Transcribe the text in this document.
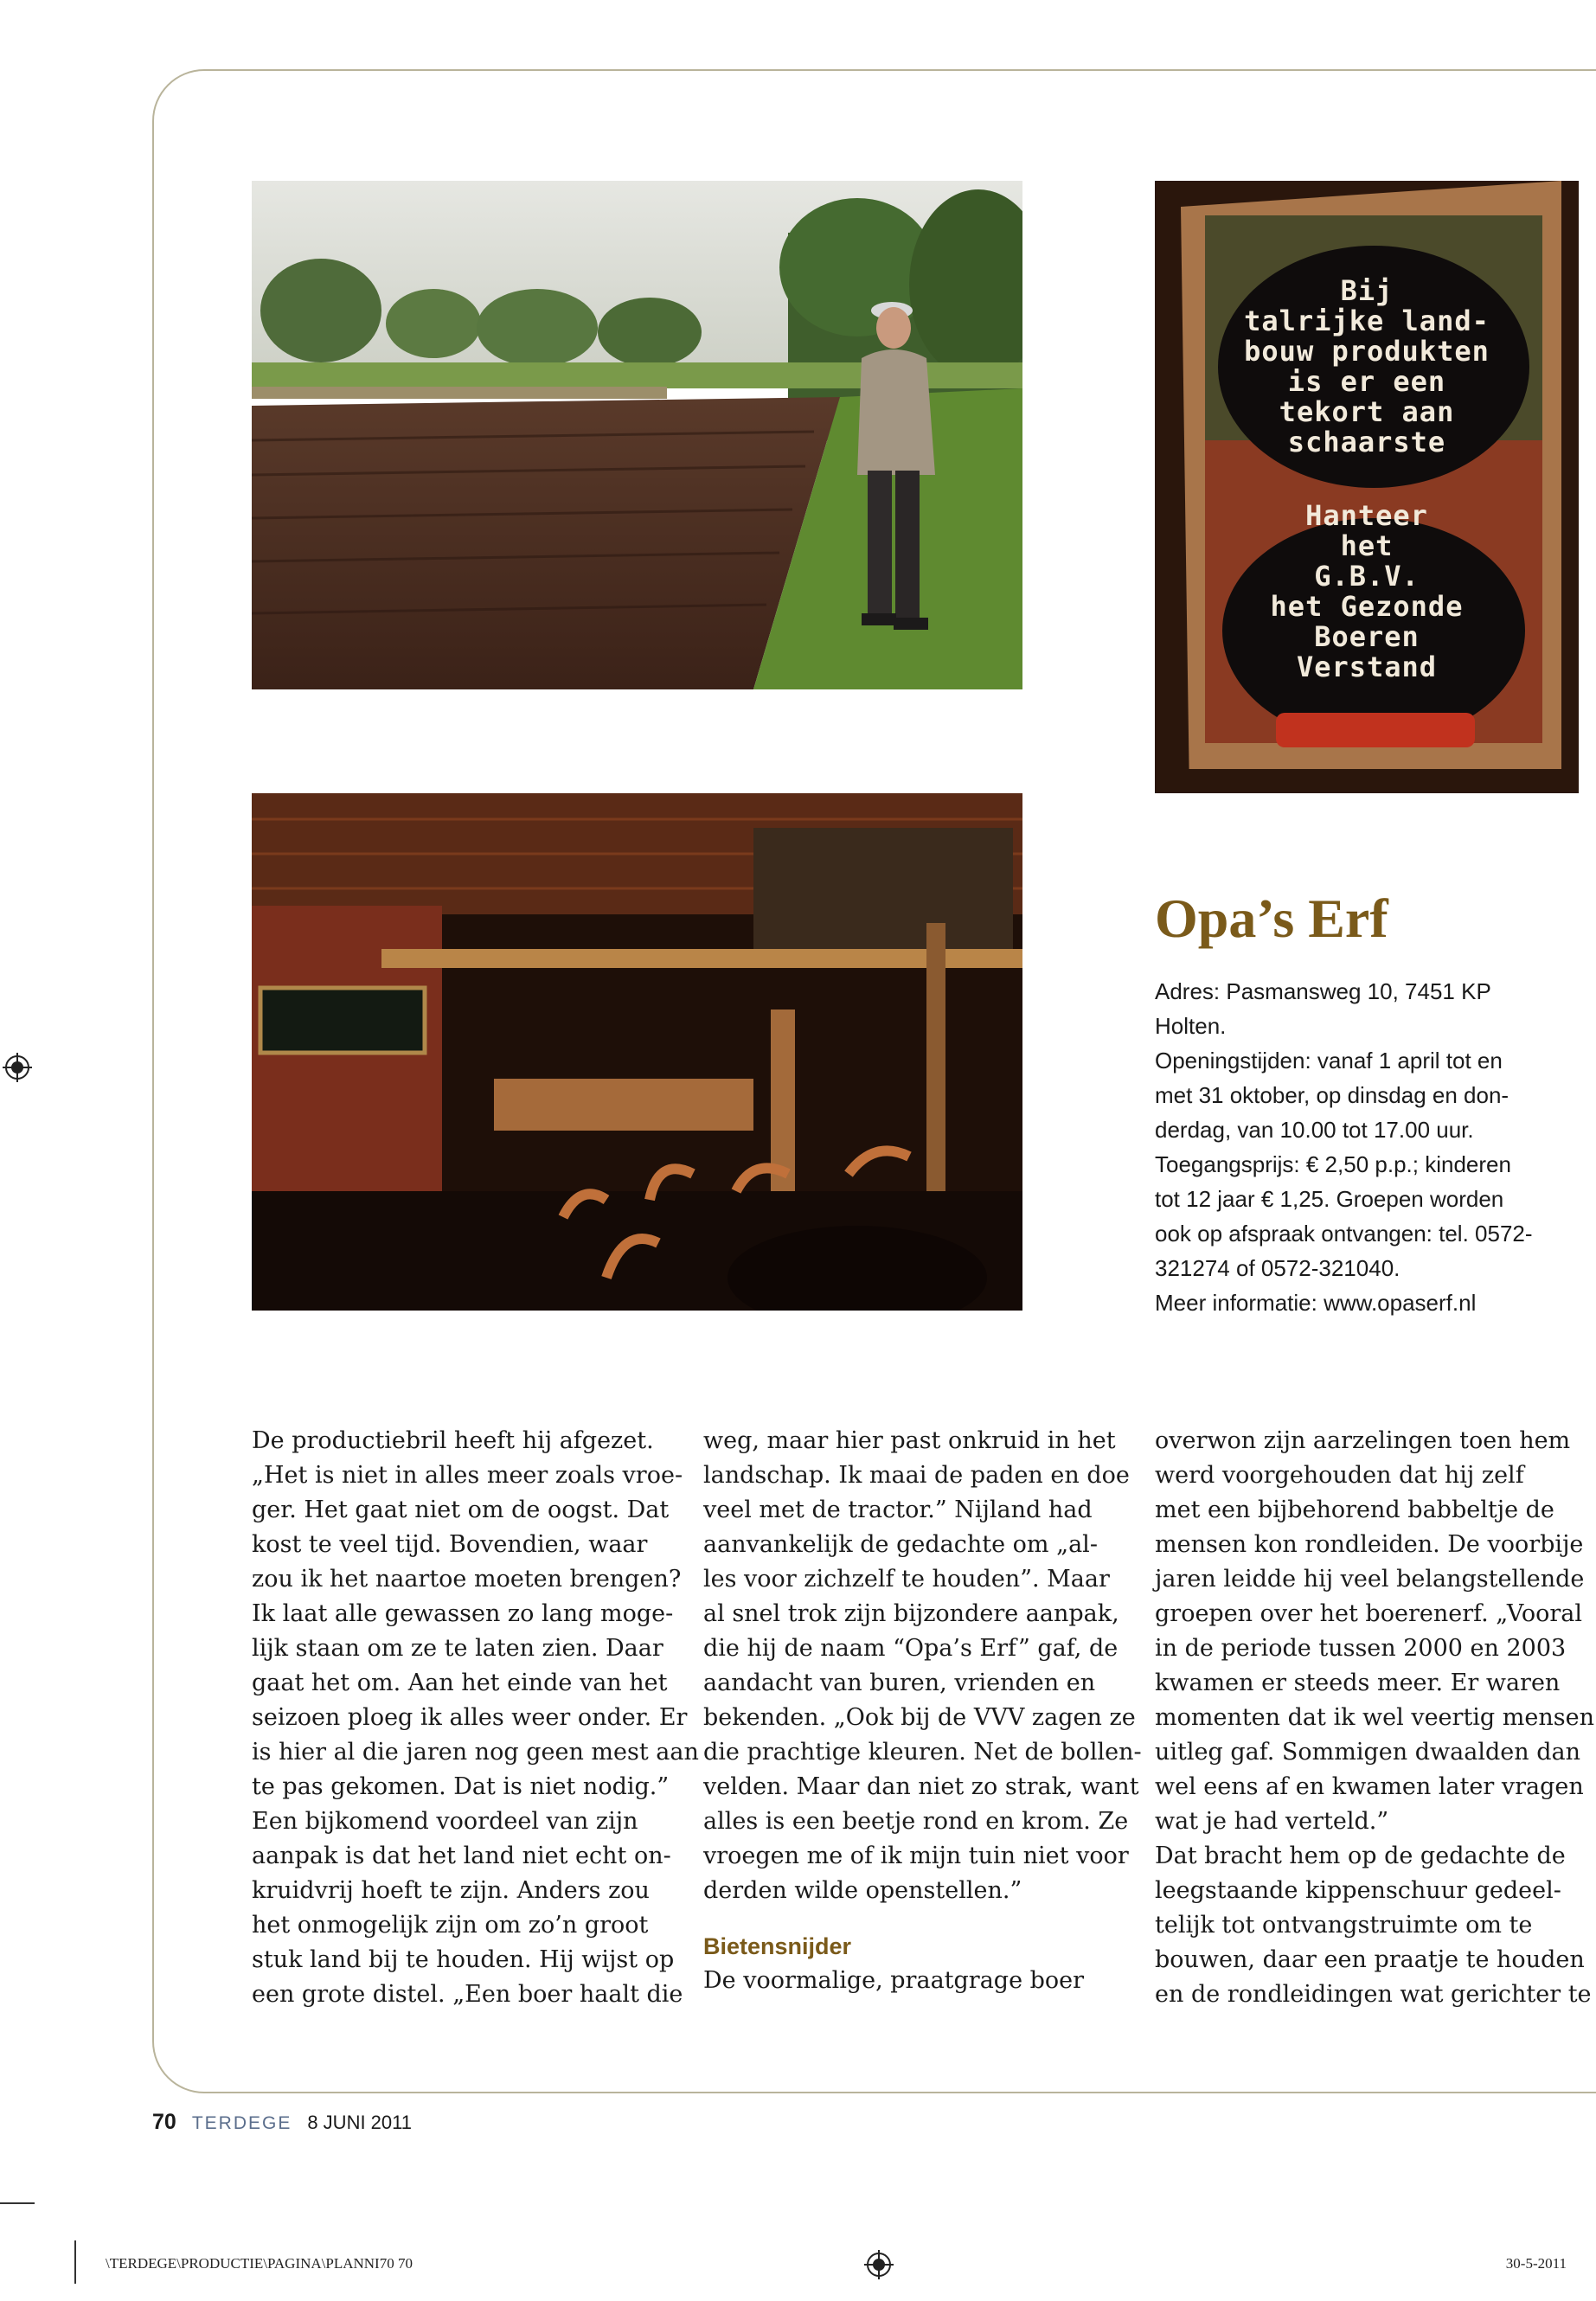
Bij
talrijke land-
bouw produkten
is er een
tekort aan
schaarste
Hanteer
het
G.B.V.
het Gezonde
Boeren
Verstand
Opa’s Erf
Adres: Pasmansweg 10, 7451 KP
Holten.
Openingstijden: vanaf 1 april tot en
met 31 oktober, op dinsdag en don-
derdag, van 10.00 tot 17.00 uur.
Toegangsprijs: € 2,50 p.p.; kinderen
tot 12 jaar € 1,25. Groepen worden
ook op afspraak ontvangen: tel. 0572-
321274 of 0572-321040.
Meer informatie: www.opaserf.nl
De productiebril heeft hij afgezet.
„Het is niet in alles meer zoals vroe-
ger. Het gaat niet om de oogst. Dat
kost te veel tijd. Bovendien, waar
zou ik het naartoe moeten brengen?
Ik laat alle gewassen zo lang moge-
lijk staan om ze te laten zien. Daar
gaat het om. Aan het einde van het
seizoen ploeg ik alles weer onder. Er
is hier al die jaren nog geen mest aan
te pas gekomen. Dat is niet nodig.”
Een bijkomend voordeel van zijn
aanpak is dat het land niet echt on-
kruidvrij hoeft te zijn. Anders zou
het onmogelijk zijn om zo’n groot
stuk land bij te houden. Hij wijst op
een grote distel. „Een boer haalt die
weg, maar hier past onkruid in het
landschap. Ik maai de paden en doe
veel met de tractor.” Nijland had
aanvankelijk de gedachte om „al-
les voor zichzelf te houden”. Maar
al snel trok zijn bijzondere aanpak,
die hij de naam “Opa’s Erf” gaf, de
aandacht van buren, vrienden en
bekenden. „Ook bij de VVV zagen ze
die prachtige kleuren. Net de bollen-
velden. Maar dan niet zo strak, want
alles is een beetje rond en krom. Ze
vroegen me of ik mijn tuin niet voor
derden wilde openstellen.”
Bietensnijder
De voormalige, praatgrage boer
overwon zijn aarzelingen toen hem
werd voorgehouden dat hij zelf
met een bijbehorend babbeltje de
mensen kon rondleiden. De voorbije
jaren leidde hij veel belangstellende
groepen over het boerenerf. „Vooral
in de periode tussen 2000 en 2003
kwamen er steeds meer. Er waren
momenten dat ik wel veertig mensen
uitleg gaf. Sommigen dwaalden dan
wel eens af en kwamen later vragen
wat je had verteld.”
Dat bracht hem op de gedachte de
leegstaande kippenschuur gedeel-
telijk tot ontvangstruimte om te
bouwen, daar een praatje te houden
en de rondleidingen wat gerichter te
70 TERDEGE 8 JUNI 2011
\TERDEGE\PRODUCTIE\PAGINA\PLANNI70 70	30-5-2011
